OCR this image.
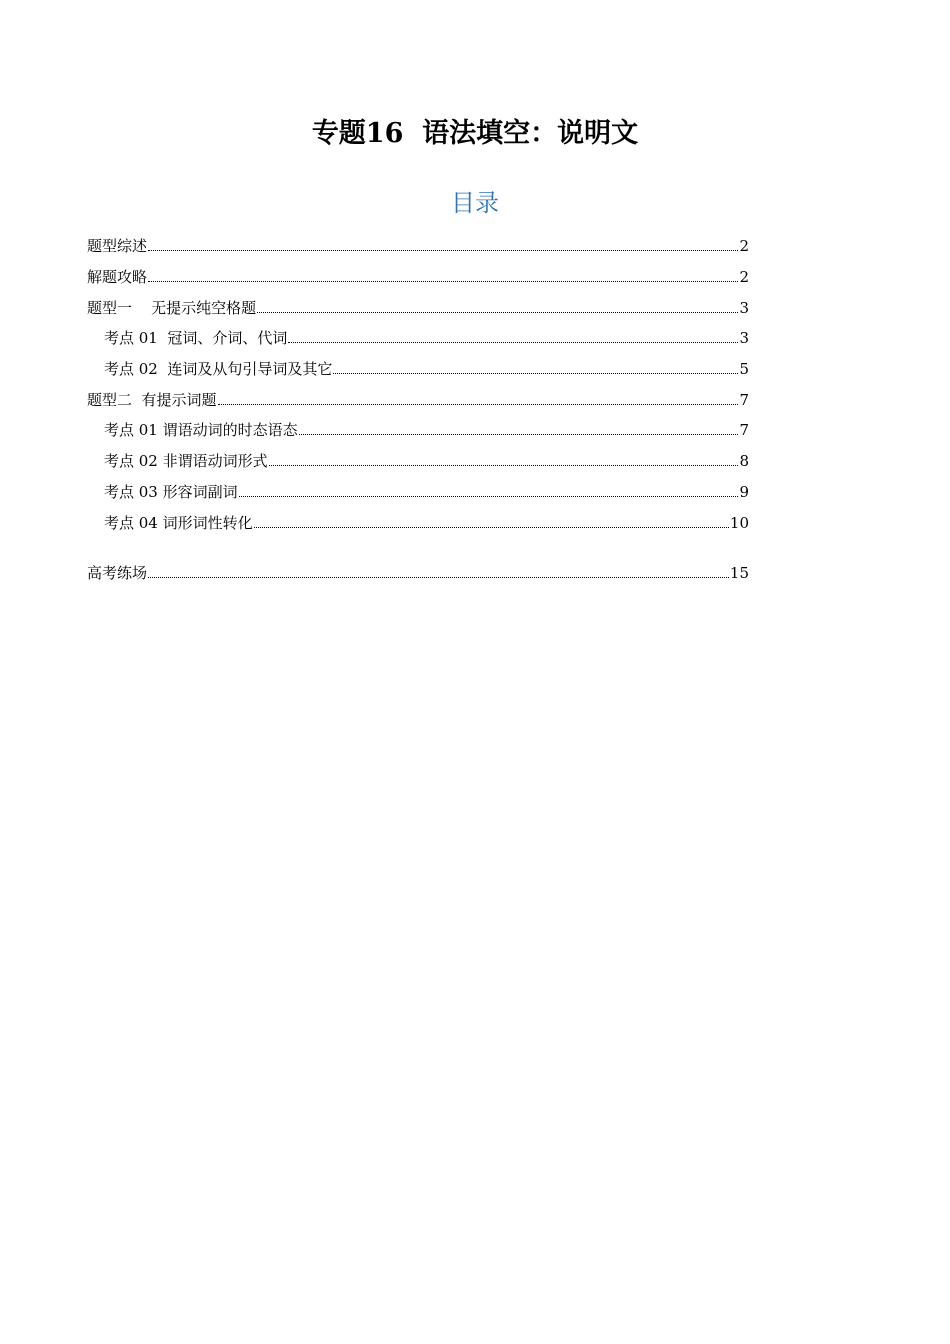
专题16  语法填空：说明文
目录
题型综述	2
解题攻略	2
题型一    无提示纯空格题	3
考点 01  冠词、介词、代词	3
考点 02  连词及从句引导词及其它	5
题型二  有提示词题	7
考点 01 谓语动词的时态语态	7
考点 02 非谓语动词形式	8
考点 03 形容词副词	9
考点 04 词形词性转化	10
高考练场	15
